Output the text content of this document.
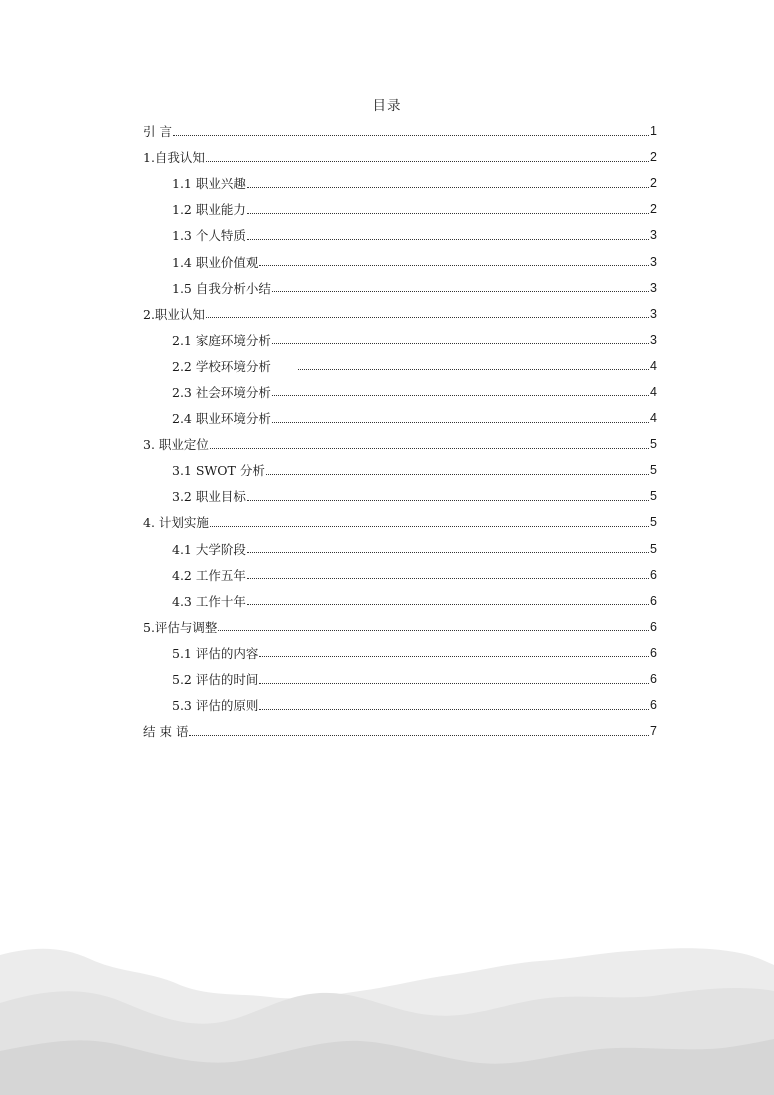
目录
引 言	1
1.自我认知	2
1.1 职业兴趣	2
1.2 职业能力	2
1.3 个人特质	3
1.4 职业价值观	3
1.5 自我分析小结	3
2.职业认知	3
2.1 家庭环境分析	3
2.2 学校环境分析	4
2.3 社会环境分析	4
2.4 职业环境分析	4
3. 职业定位	5
3.1 SWOT 分析	5
3.2 职业目标	5
4. 计划实施	5
4.1 大学阶段	5
4.2 工作五年	6
4.3 工作十年	6
5.评估与调整	6
5.1 评估的内容	6
5.2 评估的时间	6
5.3 评估的原则	6
结 束 语	7
